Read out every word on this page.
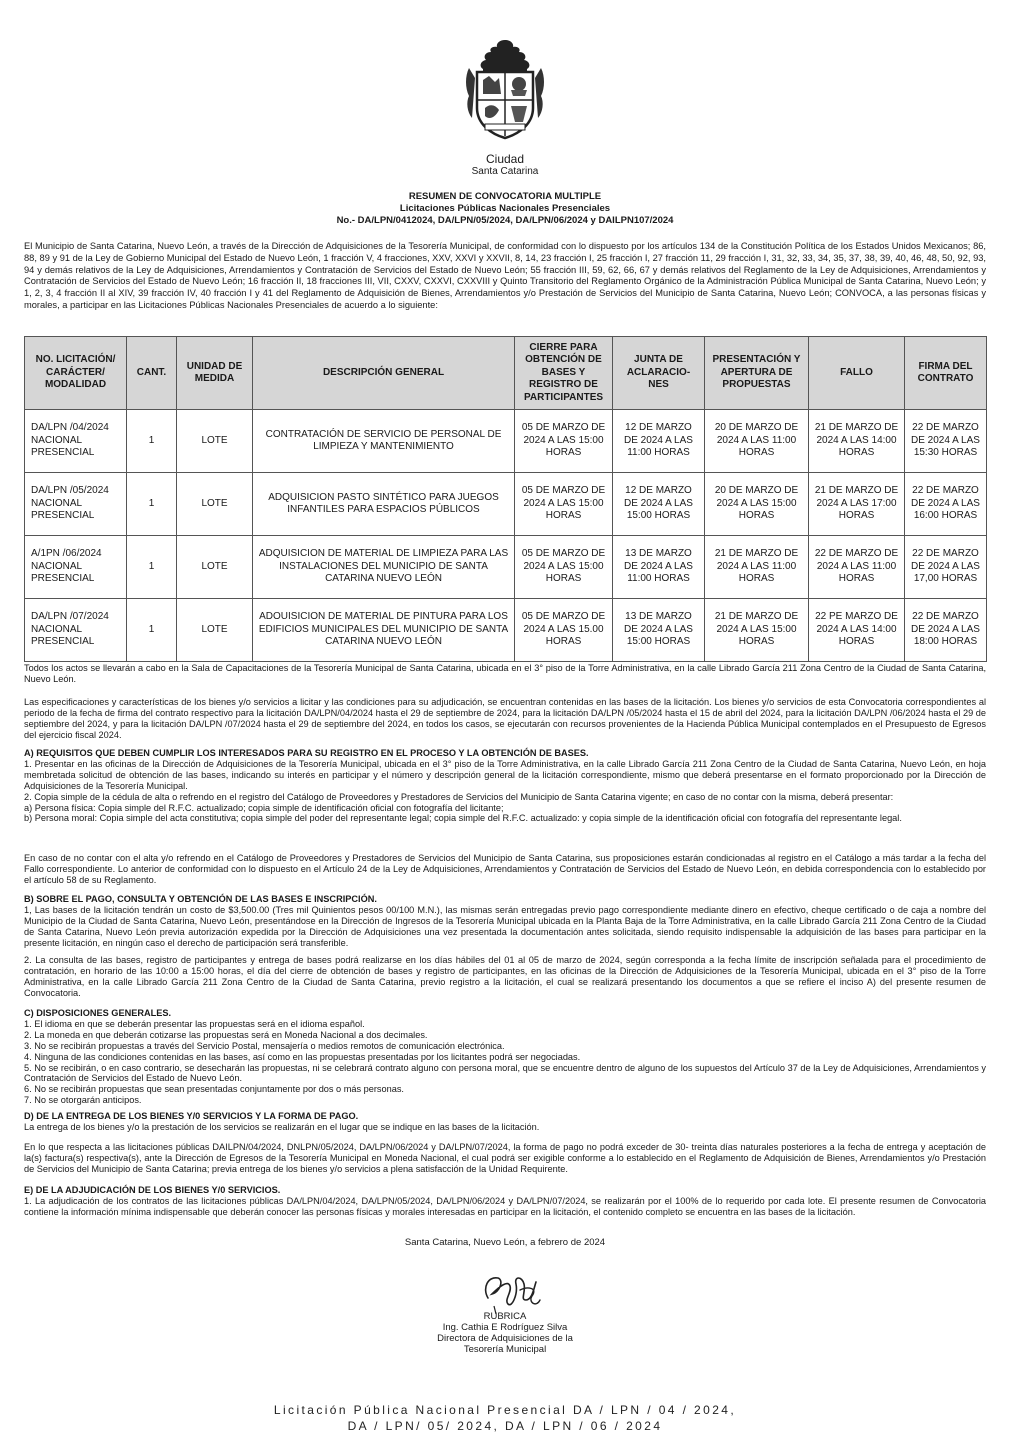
Ciudad
Santa Catarina
RESUMEN DE CONVOCATORIA MULTIPLE
Licitaciones Públicas Nacionales Presenciales
No.- DA/LPN/0412024, DA/LPN/05/2024, DA/LPN/06/2024 y DAILPN107/2024
El Municipio de Santa Catarina, Nuevo León, a través de la Dirección de Adquisiciones de la Tesorería Municipal, de conformidad con lo dispuesto por los artículos 134 de la Constitución Política de los Estados Unidos Mexicanos; 86, 88, 89 y 91 de la Ley de Gobierno Municipal del Estado de Nuevo León, 1 fracción V, 4 fracciones, XXV, XXVI y XXVII, 8, 14, 23 fracción I, 25 fracción I, 27 fracción 11, 29 fracción I, 31, 32, 33, 34, 35, 37, 38, 39, 40, 46, 48, 50, 92, 93, 94 y demás relativos de la Ley de Adquisiciones, Arrendamientos y Contratación de Servicios del Estado de Nuevo León; 55 fracción III, 59, 62, 66, 67 y demás relativos del Reglamento de la Ley de Adquisiciones, Arrendamientos y Contratación de Servicios del Estado de Nuevo León; 16 fracción II, 18 fracciones III, VII, CXXV, CXXVI, CXXVIII y Quinto Transitorio del Reglamento Orgánico de la Administración Pública Municipal de Santa Catarina, Nuevo León; y 1, 2, 3, 4 fracción II al XIV, 39 fracción IV, 40 fracción I y 41 del Reglamento de Adquisición de Bienes, Arrendamientos y/o Prestación de Servicios del Municipio de Santa Catarina, Nuevo León; CONVOCA, a las personas físicas y morales, a participar en las Licitaciones Públicas Nacionales Presenciales de acuerdo a lo siguiente:
NO. LICITACIÓN/ CARÁCTER/ MODALIDAD	CANT.	UNIDAD DE MEDIDA	DESCRIPCIÓN GENERAL	CIERRE PARA OBTENCIÓN DE BASES Y REGISTRO DE PARTICIPANTES	JUNTA DE ACLARACIO-NES	PRESENTACIÓN Y APERTURA DE PROPUESTAS	FALLO	FIRMA DEL CONTRATO
DA/LPN /04/2024 NACIONAL PRESENCIAL	1	LOTE	CONTRATACIÓN DE SERVICIO DE PERSONAL DE LIMPIEZA Y MANTENIMIENTO	05 DE MARZO DE 2024 A LAS 15:00 HORAS	12 DE MARZO DE 2024 A LAS 11:00 HORAS	20 DE MARZO DE 2024 A LAS 11:00 HORAS	21 DE MARZO DE 2024 A LAS 14:00 HORAS	22 DE MARZO DE 2024 A LAS 15:30 HORAS
DA/LPN /05/2024 NACIONAL PRESENCIAL	1	LOTE	ADQUISICION PASTO SINTÉTICO PARA JUEGOS INFANTILES PARA ESPACIOS PÚBLICOS	05 DE MARZO DE 2024 A LAS 15:00 HORAS	12 DE MARZO DE 2024 A LAS 15:00 HORAS	20 DE MARZO DE 2024 A LAS 15:00 HORAS	21 DE MARZO DE 2024 A LAS 17:00 HORAS	22 DE MARZO DE 2024 A LAS 16:00 HORAS
A/1PN /06/2024 NACIONAL PRESENCIAL	1	LOTE	ADQUISICION DE MATERIAL DE LIMPIEZA PARA LAS INSTALACIONES DEL MUNICIPIO DE SANTA CATARINA NUEVO LEÓN	05 DE MARZO DE 2024 A LAS 15:00 HORAS	13 DE MARZO DE 2024 A LAS 11:00 HORAS	21 DE MARZO DE 2024 A LAS 11:00 HORAS	22 DE MARZO DE 2024 A LAS 11:00 HORAS	22 DE MARZO DE 2024 A LAS 17,00 HORAS
DA/LPN /07/2024 NACIONAL PRESENCIAL	1	LOTE	ADOUISICION DE MATERIAL DE PINTURA PARA LOS EDIFICIOS MUNICIPALES DEL MUNICIPIO DE SANTA CATARINA NUEVO LEÓN	05 DE MARZO DE 2024 A LAS 15.00 HORAS	13 DE MARZO DE 2024 A LAS 15:00 HORAS	21 DE MARZO DE 2024 A LAS 15:00 HORAS	22 PE MARZO DE 2024 A LAS 14:00 HORAS	22 DE MARZO DE 2024 A LAS 18:00 HORAS
Todos los actos se llevarán a cabo en la Sala de Capacitaciones de la Tesorería Municipal de Santa Catarina, ubicada en el 3° piso de la Torre Administrativa, en la calle Librado García 211 Zona Centro de la Ciudad de Santa Catarina, Nuevo León.
Las especificaciones y características de los bienes y/o servicios a licitar y las condiciones para su adjudicación, se encuentran contenidas en las bases de la licitación. Los bienes y/o servicios de esta Convocatoria correspondientes al periodo de la fecha de firma del contrato respectivo para la licitación DA/LPN/04/2024 hasta el 29 de septiembre de 2024, para la licitación DA/LPN /05/2024 hasta el 15 de abril del 2024, para la licitación DA/LPN /06/2024 hasta el 29 de septiembre del 2024, y para la licitación DA/LPN /07/2024 hasta el 29 de septiembre del 2024, en todos los casos, se ejecutarán con recursos provenientes de la Hacienda Pública Municipal contemplados en el Presupuesto de Egresos del ejercicio fiscal 2024.

A) REQUISITOS QUE DEBEN CUMPLIR LOS INTERESADOS PARA SU REGISTRO EN EL PROCESO Y LA OBTENCIÓN DE BASES.

1. Presentar en las oficinas de la Dirección de Adquisiciones de la Tesorería Municipal, ubicada en el 3° piso de la Torre Administrativa, en la calle Librado García 211 Zona Centro de la Ciudad de Santa Catarina, Nuevo León, en hoja membretada solicitud de obtención de las bases, indicando su interés en participar y el número y descripción general de la licitación correspondiente, mismo que deberá presentarse en el formato proporcionado por la Dirección de Adquisiciones de la Tesorería Municipal.

2. Copia simple de la cédula de alta o refrendo en el registro del Catálogo de Proveedores y Prestadores de Servicios del Municipio de Santa Catarina vigente; en caso de no contar con la misma, deberá presentar:

a) Persona física: Copia simple del R.F.C. actualizado; copia simple de identificación oficial con fotografía del licitante;

b) Persona moral: Copia simple del acta constitutiva; copia simple del poder del representante legal; copia simple del R.F.C. actualizado: y copia simple de la identificación oficial con fotografía del representante legal.

En caso de no contar con el alta y/o refrendo en el Catálogo de Proveedores y Prestadores de Servicios del Municipio de Santa Catarina, sus proposiciones estarán condicionadas al registro en el Catálogo a más tardar a la fecha del Fallo correspondiente. Lo anterior de conformidad con lo dispuesto en el Artículo 24 de la Ley de Adquisiciones, Arrendamientos y Contratación de Servicios del Estado de Nuevo León, en debida correspondencia con lo establecido por el artículo 58 de su Reglamento.

B) SOBRE EL PAGO, CONSULTA Y OBTENCIÓN DE LAS BASES E INSCRIPCIÓN.

1, Las bases de la licitación tendrán un costo de $3,500.00 (Tres mil Quinientos pesos 00/100 M.N.), las mismas serán entregadas previo pago correspondiente mediante dinero en efectivo, cheque certificado o de caja a nombre del Municipio de la Ciudad de Santa Catarina, Nuevo León, presentándose en la Dirección de Ingresos de la Tesorería Municipal ubicada en la Planta Baja de la Torre Administrativa, en la calle Librado García 211 Zona Centro de la Ciudad de Santa Catarina, Nuevo León previa autorización expedida por la Dirección de Adquisiciones una vez presentada la documentación antes solicitada, siendo requisito indispensable la adquisición de las bases para participar en la presente licitación, en ningún caso el derecho de participación será transferible.

2. La consulta de las bases, registro de participantes y entrega de bases podrá realizarse en los días hábiles del 01 al 05 de marzo de 2024, según corresponda a la fecha límite de inscripción señalada para el procedimiento de contratación, en horario de las 10:00 a 15:00 horas, el día del cierre de obtención de bases y registro de participantes, en las oficinas de la Dirección de Adquisiciones de la Tesorería Municipal, ubicada en el 3° piso de la Torre Administrativa, en la calle Librado García 211 Zona Centro de la Ciudad de Santa Catarina, previo registro a la licitación, el cual se realizará presentando los documentos a que se refiere el inciso A) del presente resumen de Convocatoria.

C) DISPOSICIONES GENERALES.

1. El idioma en que se deberán presentar las propuestas será en el idioma español.

2. La moneda en que deberán cotizarse las propuestas será en Moneda Nacional a dos decimales.

3. No se recibirán propuestas a través del Servicio Postal, mensajería o medios remotos de comunicación electrónica.

4. Ninguna de las condiciones contenidas en las bases, así como en las propuestas presentadas por los licitantes podrá ser negociadas.

5. No se recibirán, o en caso contrario, se desecharán las propuestas, ni se celebrará contrato alguno con persona moral, que se encuentre dentro de alguno de los supuestos del Artículo 37 de la Ley de Adquisiciones, Arrendamientos y Contratación de Servicios del Estado de Nuevo León.

6. No se recibirán propuestas que sean presentadas conjuntamente por dos o más personas.

7. No se otorgarán anticipos.

D) DE LA ENTREGA DE LOS BIENES Y/0 SERVICIOS Y LA FORMA DE PAGO.

La entrega de los bienes y/o la prestación de los servicios se realizarán en el lugar que se indique en las bases de la licitación.

En lo que respecta a las licitaciones públicas DAILPN/04/2024, DNLPN/05/2024, DA/LPN/06/2024 y DA/LPN/07/2024, la forma de pago no podrá exceder de 30- treinta días naturales posteriores a la fecha de entrega y aceptación de la(s) factura(s) respectiva(s), ante la Dirección de Egresos de la Tesorería Municipal en Moneda Nacional, el cual podrá ser exigible conforme a lo establecido en el Reglamento de Adquisición de Bienes, Arrendamientos y/o Prestación de Servicios del Municipio de Santa Catarina; previa entrega de los bienes y/o servicios a plena satisfacción de la Unidad Requirente.

E) DE LA ADJUDICACIÓN DE LOS BIENES Y/0 SERVICIOS.

1. La adjudicación de los contratos de las licitaciones públicas DA/LPN/04/2024, DA/LPN/05/2024, DA/LPN/06/2024 y DA/LPN/07/2024, se realizarán por el 100% de lo requerido por cada lote. El presente resumen de Convocatoria contiene la información mínima indispensable que deberán conocer las personas físicas y morales interesadas en participar en la licitación, el contenido completo se encuentra en las bases de la licitación.

Santa Catarina, Nuevo León, a febrero de 2024
RUBRICA
Ing. Cathia E Rodríguez Silva
Directora de Adquisiciones de la
Tesorería Municipal
Licitación Pública Nacional Presencial DA / LPN / 04 / 2024,
DA / LPN/ 05/ 2024, DA / LPN / 06 / 2024
